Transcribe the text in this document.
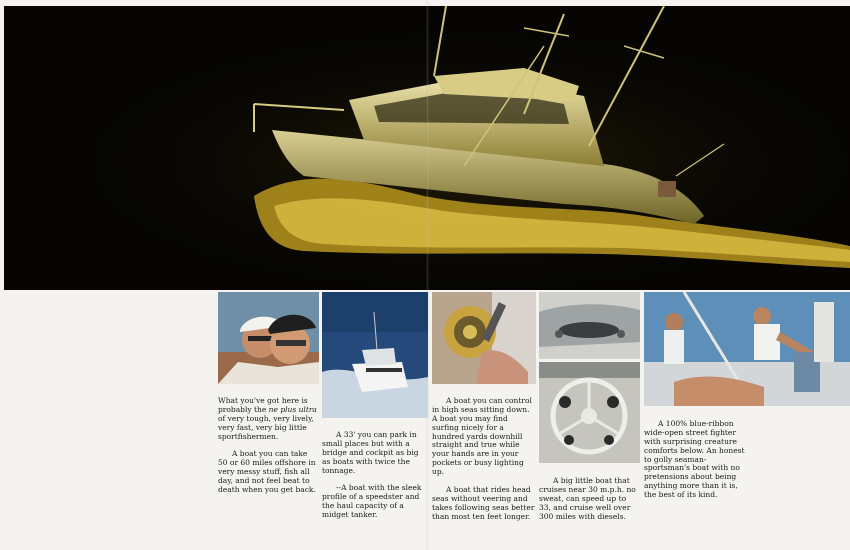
What you've got here is probably the ne plus ultra of very tough, very lively, very fast, very big little sportfishermen.

A boat you can take 50 or 60 miles offshore in very messy stuff, fish all day, and not feel beat to death when you get back.

A 33' you can park in small places but with a bridge and cockpit as big as boats with twice the tonnage.

--A boat with the sleek profile of a speedster and the haul capacity of a midget tanker.

A boat you can control in high seas sitting down. A boat you may find surfing nicely for a hundred yards downhill straight and true while your hands are in your pockets or busy lighting up.

A boat that rides head seas without veering and takes following seas better than most ten feet longer.

A big little boat that cruises near 30 m.p.h. no sweat, can speed up to 33, and cruise well over 300 miles with diesels.

A 100% blue-ribbon wide-open street fighter with surprising creature comforts below. An honest to golly seaman-sportsman's boat with no pretensions about being anything more than it is, the best of its kind.
